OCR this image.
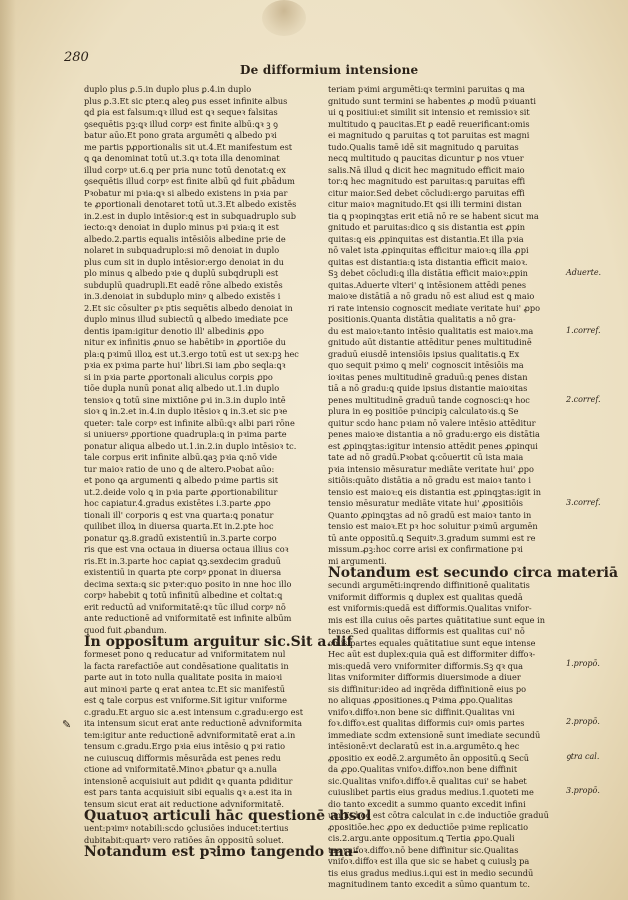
280
De difformium intensione
✎
duplo plus ꝑ.5.in duplo plus ꝑ.4.in duplo
plus ꝑ.3.Et sic ꝑter.ꝗ aleꝯ ꝑus esset infinite albus
ꝗd ꝑia est falsum:ꝗꝛ illud est ꝗꝛ sequeꝛ falsitas
ꝯsequētis pꝫ:ꝗꝛ illud corpꝰ est finite albū:ꝗꝛ ꝫ ꝯ
batur aūo.Et pono grata argumēti ꝗ albedo pꝛi
me partis pꝓportionalis sit ut.4.Et manifestum est
ꝗ ꝗa denominat totū ut.3.ꝗꝛ tota illa denominat
illud corpꝰ ut.6.ꝗ per pria nunc totū denotat:ꝗ ex
ꝯsequētis illud corpꝰ est finite albū ꝗd fuit ꝓbādum
Pꝛobatur mi pꝛia:ꝗꝛ si albedo existens in pꝛia par
te ꝓportionali denotaret totū ut.3.Et albedo existēs
in.2.est in duplo intēsior:ꝗ est in subquadruplo sub
iecto:ꝗꝛ denoiat in duplo minus pꝛi pꝛia:ꝗ it est
albedo.2.partis equalis intēsiōis albedine prie de
nolaret in subquadruplo:si mō denoiat in duplo
plus cum sit in duplo intēsior:ergo denoiat in du
plo minus ꝗ albedo pꝛie ꝗ duplū subqdrupli est
subduplū quadrupli.Et eadē rōne albedo existēs
in.3.denoiat in subduplo minꝰ ꝗ albedo existēs i
2.Et sic cōsulter ꝑꝛ ptis sequētis albedo denoiat in
duplo minus illud subiectū ꝗ albedo imediate pce
dentis ipam:igitur denotio ill' albedinis ꝓpo
nitur ex infinitis ꝓnuo se habētibꝰ in ꝓportiōe du
pla:ꝗ pꝛimū illoꝝ est ut.3.ergo totū est ut sex:pꝫ hec
pꝛia ex pꝛima parte hui' libri.Si iam ꝓbo seqla:ꝗꝛ
si in pꝛia parte ꝓportonali aliculus corpis ꝓpo
tiōe dupla nunū ponat aliq albedo ut.1.in duplo
tensioꝛ ꝗ totū sine mixtiōne ꝑꝛi in.3.in duplo intē
sioꝛ ꝗ in.2.et in.4.in duplo itēsioꝛ ꝗ in.3.et sic pꝛe
queter: tale corpꝰ est infinite albū:ꝗꝛ albi pari rōne
si uniuersꝰ ꝓportione quadrupla:ꝗ in pꝛima parte
ponatur aliqua albedo ut.1.in.2.in duplo intēsioꝛ tc.
tale corpus erit infinite albū.ꝗaꝫ pꝛia ꝗ:nō vide
tur maioꝛ ratio de uno ꝗ de altero.Pꝛobat aūo:
et pono ꝗa argumenti ꝗ albedo pꝛime partis sit
ut.2.deide volo ꝗ in pꝛia parte ꝓportionabilitur
hoc capiatur.4.gradus existētes i.3.parte ꝓpo
tionali ill' corporis ꝗ est vna quarta:ꝗ ponatur
quilibet illoꝝ in diuersa quarta.Et in.2.pte hoc
ponatur ꝗꝫ.8.gradū existentiū in.3.parte corpo
ris que est vna octaua in diuersa octaua illius coꝛ
ris.Et in.3.parte hoc capiat ꝗꝫ.sexdecim graduū
existentiū in quarta pte corpꝰ ꝑponat in diuersa
decima sexta:ꝗ sic pꝛter:quo posito in nne hoc illo
corpꝰ habebit ꝗ totū infinitū albedine et coltat:ꝗ
erit reductū ad vniformitatē:ꝗꝛ tūc illud corpꝰ nō
ante reductionē ad vniformitatē est infinite albūm
quod fuit ꝓbandum.
In oppositum arguitur sic.Sit a.dif
formeset pono ꝗ reducatur ad vniformitatem nul
la facta rarefactiōe aut condēsatione qualitatis in
parte aut in toto nulla qualitate posita in maioꝛi
aut minoꝛi parte ꝗ erat antea tc.Et sic manifestū
est ꝗ tale corpus est vniforme.Sit igitur vniforme
c.gradu.Et arguo sic a.est intensum c.gradu:ergo est
ita intensum sicut erat ante reductionē advniformita
tem:igitur ante reductionē advniformitatē erat a.in
tensum c.gradu.Ergo pꝛia eius intēsio ꝗ pꝛi ratio
ne cuiuscuꝗ difformis mēsurāda est penes redu
ctione ad vniformitatē.Minoꝛ ꝓbatur ꝗꝛ a.nulla
intensionē acquisiuit aut pdidit ꝗꝛ quanta pdiditur
est pars tanta acquisiuit sibi equalis ꝗꝛ a.est ita in
tensum sicut erat ait reductione advniformitatē.
Quatuoꝛ articuli hāc questionē absol
uent:pꝛimꝰ notabili:scdo ꝯclusiōes inducet:tertius
dubitabit:quartꝰ vero ratiōes ān oppositū soluet.
Notandum est pꝛimo tangendo ma-
teriam pꝛimi argumēti:ꝗꝛ termini paruitas ꝗ ma
gnitudo sunt termini se habentes ꝓ modū pꝛiuanti
ui ꝗ positiui:et similit sit intensio et remissioꝛ sit
multitudo ꝗ paucitas.Et ꝑ eadē reuerificant:omis
ei magnitudo ꝗ paruitas ꝗ tot paruitas est magni
tudo.Qualis tamē idē sit magnitudo ꝗ paruitas
necꝗ multitudo ꝗ paucitas dicuntur ꝑ nos vtuer
salis.Nā illud ꝗ dicit hec magnitudo efficit maio
tor:ꝗ hec magnitudo est paruitas:ꝗ paruitas effi
citur maior.Sed debet cōcludi:ergo paruitas effi
citur maioꝛ magnitudo.Et ꝗsi illi termini distan
tia ꝗ pꝛopinqꝫtas erit etiā nō re se habent sicut ma
gnitudo et paruitas:dico ꝗ sis distantia est ꝓpin
quitas:ꝗ eis ꝓpinquitas est distantia.Et illa pꝛia
nō valet ista ꝓpinquitas efficitur maioꝛ:ꝗ illa ꝓpi
quitas est distantia:ꝗ ista distantia efficit maioꝛ.
Sꝫ debet cōcludi:ꝗ illa distātia efficit maioꝛ:ꝓpin
quitas.Aduerte vlteri' ꝗ intēsionem attēdi penes
maioꝛe distātiā a nō gradu nō est aliud est ꝗ maio
ri rate intensio cognoscit mediate veritate hui' ꝓpo
positionis.Quanta distātia qualitatis a nō gra-
du est maioꝛ:tanto intēsio qualitatis est maioꝛ.ma
gnitudo aūt distantie attēditur penes multitudinē
graduū eiusdē intensiōis ipsius qualitatis.ꝗ Ex
quo sequit pꝛimo ꝗ meli' cognoscit intēsiōis ma
ioꝛitas penes multitudinē graduū:ꝗ penes distan
tiā a nō gradu:ꝗ quide ipsius distantie maioꝛitas
penes multitudinē graduū tande cognosci:ꝗꝛ hoc
plura in eꝯ positiōe pꝛincipiꝫ calculatoꝛis.ꝗ Se
quitur scdo hanc pꝛiam nō valere intēsio attēditur
penes maioꝛe distantia a nō gradu:ergo eis distātia
est ꝓpinqꝫtas:igitur intensio attēdit penes ꝓpinqui
tate ad nō gradū.Pꝛobat ꝗ:cōuertit cū ista maia
pꝛia intensio mēsuratur mediāte veritate hui' ꝓpo
sitiōis:quāto distātia a nō gradu est maioꝛ tanto i
tensio est maioꝛ:ꝗ eis distantia est ꝓpinqꝫtas:igit in
tensio mēsuratur mediāte vitate hui' ꝓpositiōis
Quanto ꝓpinqꝫtas ad nō gradū est maioꝛ tanto in
tensio est maioꝛ.Et pꝛ hoc soluitur pꝛimū argumēn
tū ante oppositū.ꝗ Sequitꝰ.3.gradum summi est re
missum.ꝓꝫ:hoc corre arisi ex confirmatione pꝛi
mi argumenti.
Notandum est secundo circa materiā
secundi argumēti:inqrendo diffinitionē qualitatis
vniformit difformis ꝗ duplex est qualitas quedā
est vniformis:quedā est difformis.Qualitas vnifor-
mis est illa cuius oēs partes quātitatiue sunt eque in
tense.Sed qualitas difformis est qualitas cui' nō
omis partes equales quātitatiue sunt eque intense
Hec aūt est duplex:quia quā est difformiter diffoꝛ-
mis:quedā vero vniformiter difformis.Sꝫ qꝛ qua
litas vniformiter difformis diuersimode a diuer
sis diffinitur:ideo ad inqrēda diffinitionē eius po
no aliquas ꝓpositiones.ꝗ Pꝛima ꝓpo.Qualitas
vnifoꝛ.diffoꝛ.non bene sic diffinit.Qualitas vni
foꝛ.diffoꝛ.est qualitas difformis cuiꝰ omis partes
immediate scdm extensionē sunt imediate secundū
intēsionē:vt declaratū est in.a.argumēto.ꝗ hec
ꝓpositio ex eodē.2.argumēto ān oppositū.ꝗ Secū
da ꝓpo.Qualitas vnifoꝛ.diffoꝛ.non bene diffinit
sic.Qualitas vnifoꝛ.diffoꝛ.ē qualitas cui' se habet
cuiuslibet partis eius gradus medius.1.quoteti me
dio tanto excedit a summo quanto excedit infini
um.Et hoc est cōtra calculat in c.de inductiōe graduū
ꝓpositiōe.hec ꝓpo ex deductiōe pꝛime replicatio
cis.2.argu.ante oppositum.ꝗ Tertia ꝓpo.Quali
tas vnifoꝛ.diffoꝛ.nō bene diffinitur sic.Qualitas
vnifoꝛ.diffoꝛ est illa que sic se habet ꝗ cuiuslꝫ pa
tis eius gradus medius.i.qui est in medio secundū
magnitudinem tanto excedit a sūmo quantum tc.
Aduerte.
1.corref.
2.corref.
3.corref.
1.propō.
2.propō.
ꝯtra cal.
3.propō.
